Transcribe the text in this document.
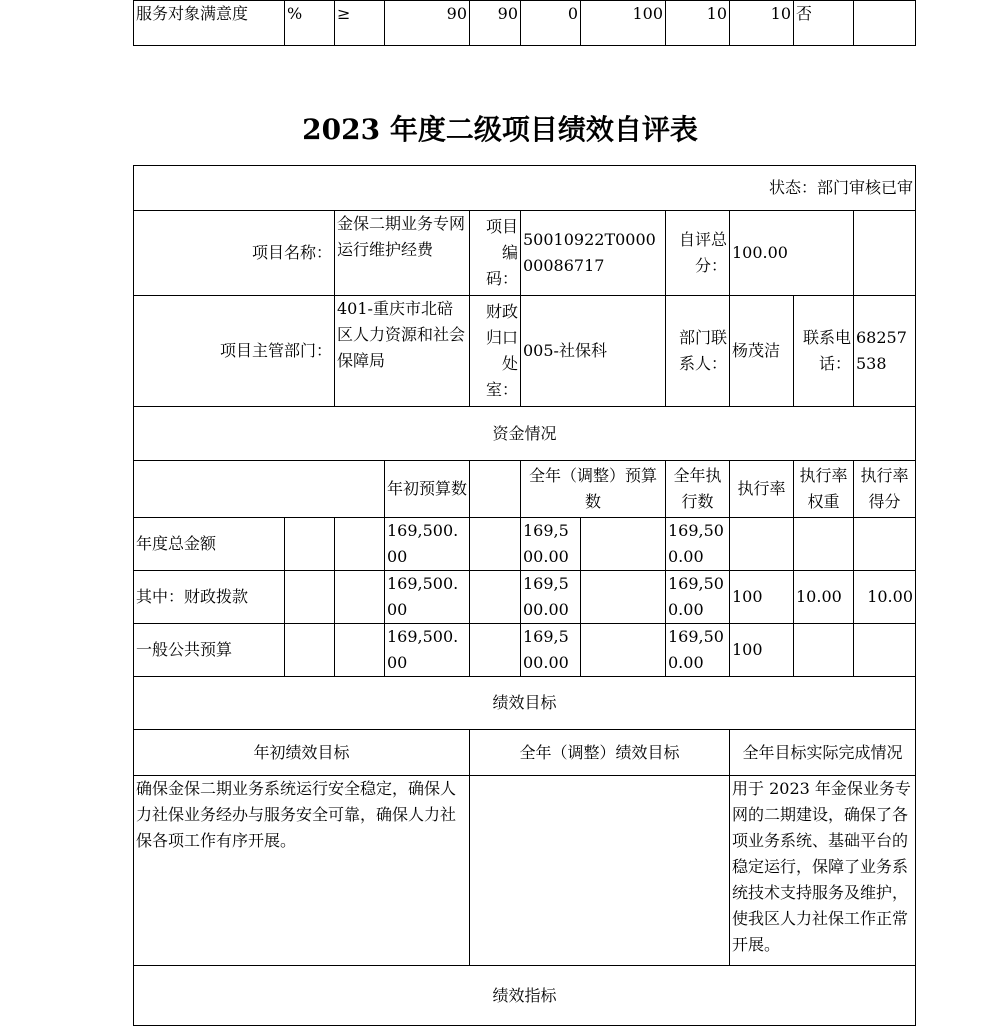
服务对象满意度	%	≥	90	90	0	100	10	10	否	
2023 年度二级项目绩效自评表
状态：部门审核已审										
项目名称：		金保二期业务专网运行维护经费		项目编码：	500109​22T000000086717		自评总分：	100.00		
项目主管部门：		401-重庆市北碚区人力资源和社会保障局		财政归口处室：	005-社保科		部门联系人：	杨茂洁	联系电话：	68257538
资金情况										
			年初预算数		全年（调整）预算数		全年执行数	执行率	执行率权重	执行率得分
年度总金额			169,500.00		169,500.00		169,500.00			
其中：财政拨款			169,500.00		169,500.00		169,500.00	100	10.00	10.00
一般公共预算			169,500.00		169,500.00		169,500.00	100		
绩效目标										
年初绩效目标				全年（调整）绩效目标				全年目标实际完成情况		
确保金保二期业务系统运行安全稳定，确保人力社保业务经办与服务安全可靠，确保人力社保各项工作有序开展。								用于 2023 年金保业务专网的二期建设，确保了各项业务系统、基础平台的稳定运行，保障了业务系统技术支持服务及维护，使我区人力社保工作正常开展。		
绩效指标										
